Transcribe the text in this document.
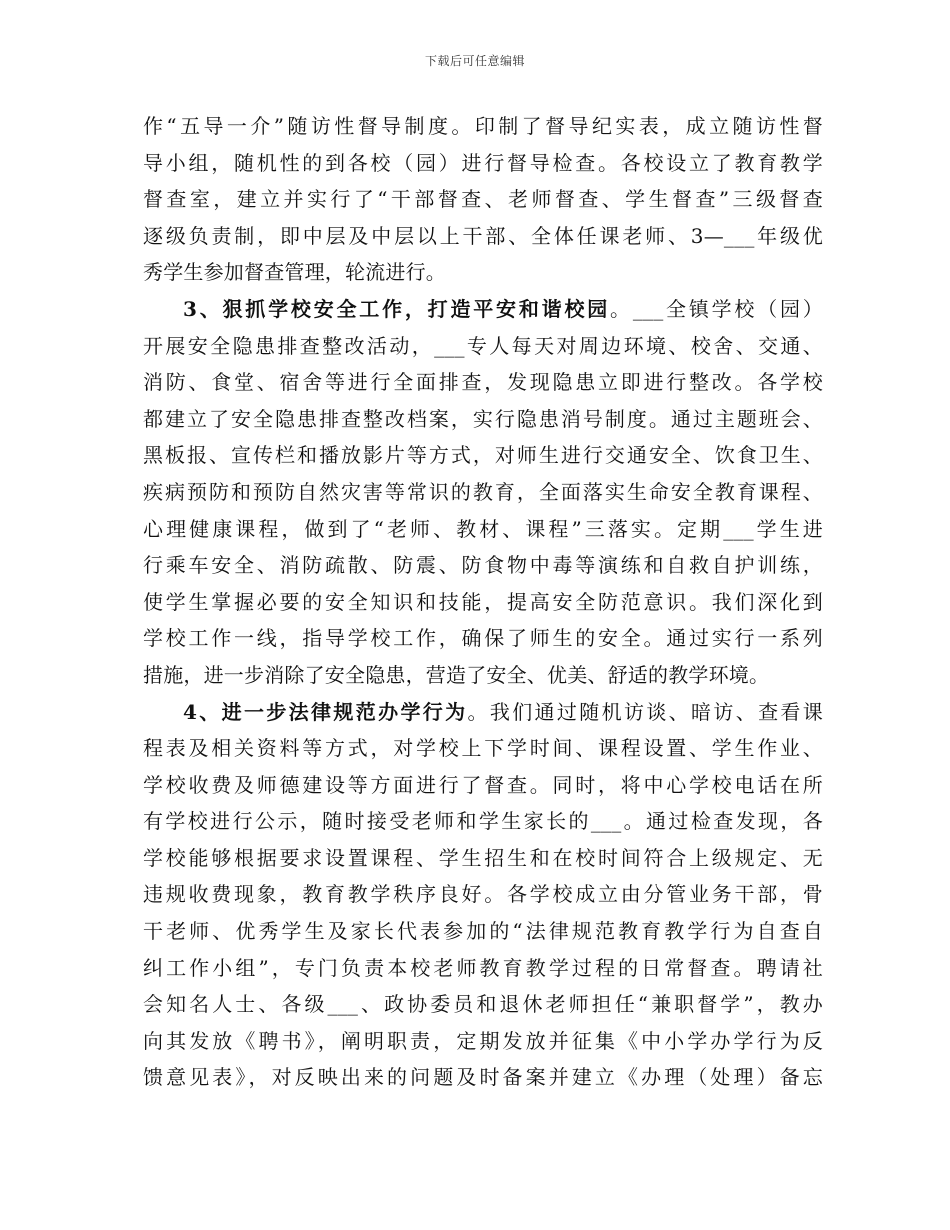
下载后可任意编辑
作“五导一介”随访性督导制度。印制了督导纪实表，成立随访性督
导小组，随机性的到各校（园）进行督导检查。各校设立了教育教学
督查室，建立并实行了“干部督查、老师督查、学生督查”三级督查
逐级负责制，即中层及中层以上干部、全体任课老师、3—___年级优
秀学生参加督查管理，轮流进行。
3、狠抓学校安全工作，打造平安和谐校园。___全镇学校（园）
开展安全隐患排查整改活动，___专人每天对周边环境、校舍、交通、
消防、食堂、宿舍等进行全面排查，发现隐患立即进行整改。各学校
都建立了安全隐患排查整改档案，实行隐患消号制度。通过主题班会、
黑板报、宣传栏和播放影片等方式，对师生进行交通安全、饮食卫生、
疾病预防和预防自然灾害等常识的教育，全面落实生命安全教育课程、
心理健康课程，做到了“老师、教材、课程”三落实。定期___学生进
行乘车安全、消防疏散、防震、防食物中毒等演练和自救自护训练，
使学生掌握必要的安全知识和技能，提高安全防范意识。我们深化到
学校工作一线，指导学校工作，确保了师生的安全。通过实行一系列
措施，进一步消除了安全隐患，营造了安全、优美、舒适的教学环境。
4、进一步法律规范办学行为。我们通过随机访谈、暗访、查看课
程表及相关资料等方式，对学校上下学时间、课程设置、学生作业、
学校收费及师德建设等方面进行了督查。同时，将中心学校电话在所
有学校进行公示，随时接受老师和学生家长的___。通过检查发现，各
学校能够根据要求设置课程、学生招生和在校时间符合上级规定、无
违规收费现象，教育教学秩序良好。各学校成立由分管业务干部，骨
干老师、优秀学生及家长代表参加的“法律规范教育教学行为自查自
纠工作小组”，专门负责本校老师教育教学过程的日常督查。聘请社
会知名人士、各级___、政协委员和退休老师担任“兼职督学”，教办
向其发放《聘书》，阐明职责，定期发放并征集《中小学办学行为反
馈意见表》，对反映出来的问题及时备案并建立《办理（处理）备忘
